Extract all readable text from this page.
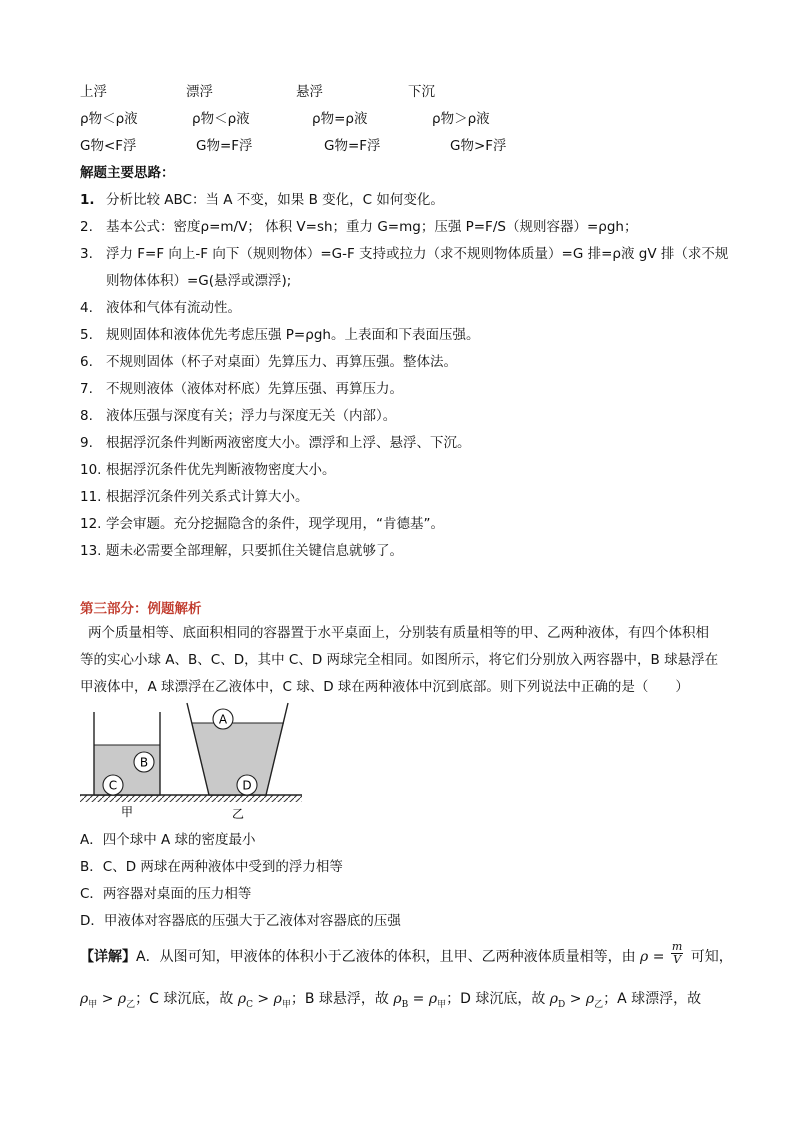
上浮	漂浮	悬浮	下沉
ρ物＜ρ液	ρ物＜ρ液	ρ物=ρ液	ρ物＞ρ液
G物<F浮	G物=F浮	G物=F浮	G物>F浮
解题主要思路：
1. 分析比较 ABC：当 A 不变，如果 B 变化，C 如何变化。
2. 基本公式：密度ρ=m/V； 体积 V=sh；重力 G=mg；压强 P=F/S（规则容器）=ρgh；
3. 浮力 F=F 向上-F 向下（规则物体）=G-F 支持或拉力（求不规则物体质量）=G 排=ρ液 gV 排（求不规
则物体体积）=G(悬浮或漂浮);
4. 液体和气体有流动性。
5. 规则固体和液体优先考虑压强 P=ρgh。上表面和下表面压强。
6. 不规则固体（杯子对桌面）先算压力、再算压强。整体法。
7. 不规则液体（液体对杯底）先算压强、再算压力。
8. 液体压强与深度有关；浮力与深度无关（内部）。
9. 根据浮沉条件判断两液密度大小。漂浮和上浮、悬浮、下沉。
10. 根据浮沉条件优先判断液物密度大小。
11. 根据浮沉条件列关系式计算大小。
12. 学会审题。充分挖掘隐含的条件，现学现用，“肯德基”。
13. 题未必需要全部理解，只要抓住关键信息就够了。
第三部分：例题解析
两个质量相等、底面积相同的容器置于水平桌面上，分别装有质量相等的甲、乙两种液体，有四个体积相等的实心小球 A、B、C、D，其中 C、D 两球完全相同。如图所示，将它们分别放入两容器中，B 球悬浮在甲液体中，A 球漂浮在乙液体中，C 球、D 球在两种液体中沉到底部。则下列说法中正确的是（　　）
A
B
C	D
甲	乙
A．四个球中 A 球的密度最小
B．C、D 两球在两种液体中受到的浮力相等
C．两容器对桌面的压力相等
D．甲液体对容器底的压强大于乙液体对容器底的压强
【详解】A．从图可知，甲液体的体积小于乙液体的体积，且甲、乙两种液体质量相等，由 $\rho = \frac{m}{V}$ 可知，
$\rho_甲 > \rho_乙$；C 球沉底，故 $\rho_C > \rho_甲$；B 球悬浮，故 $\rho_B = \rho_甲$；D 球沉底，故 $\rho_D > \rho_乙$；A 球漂浮，故
